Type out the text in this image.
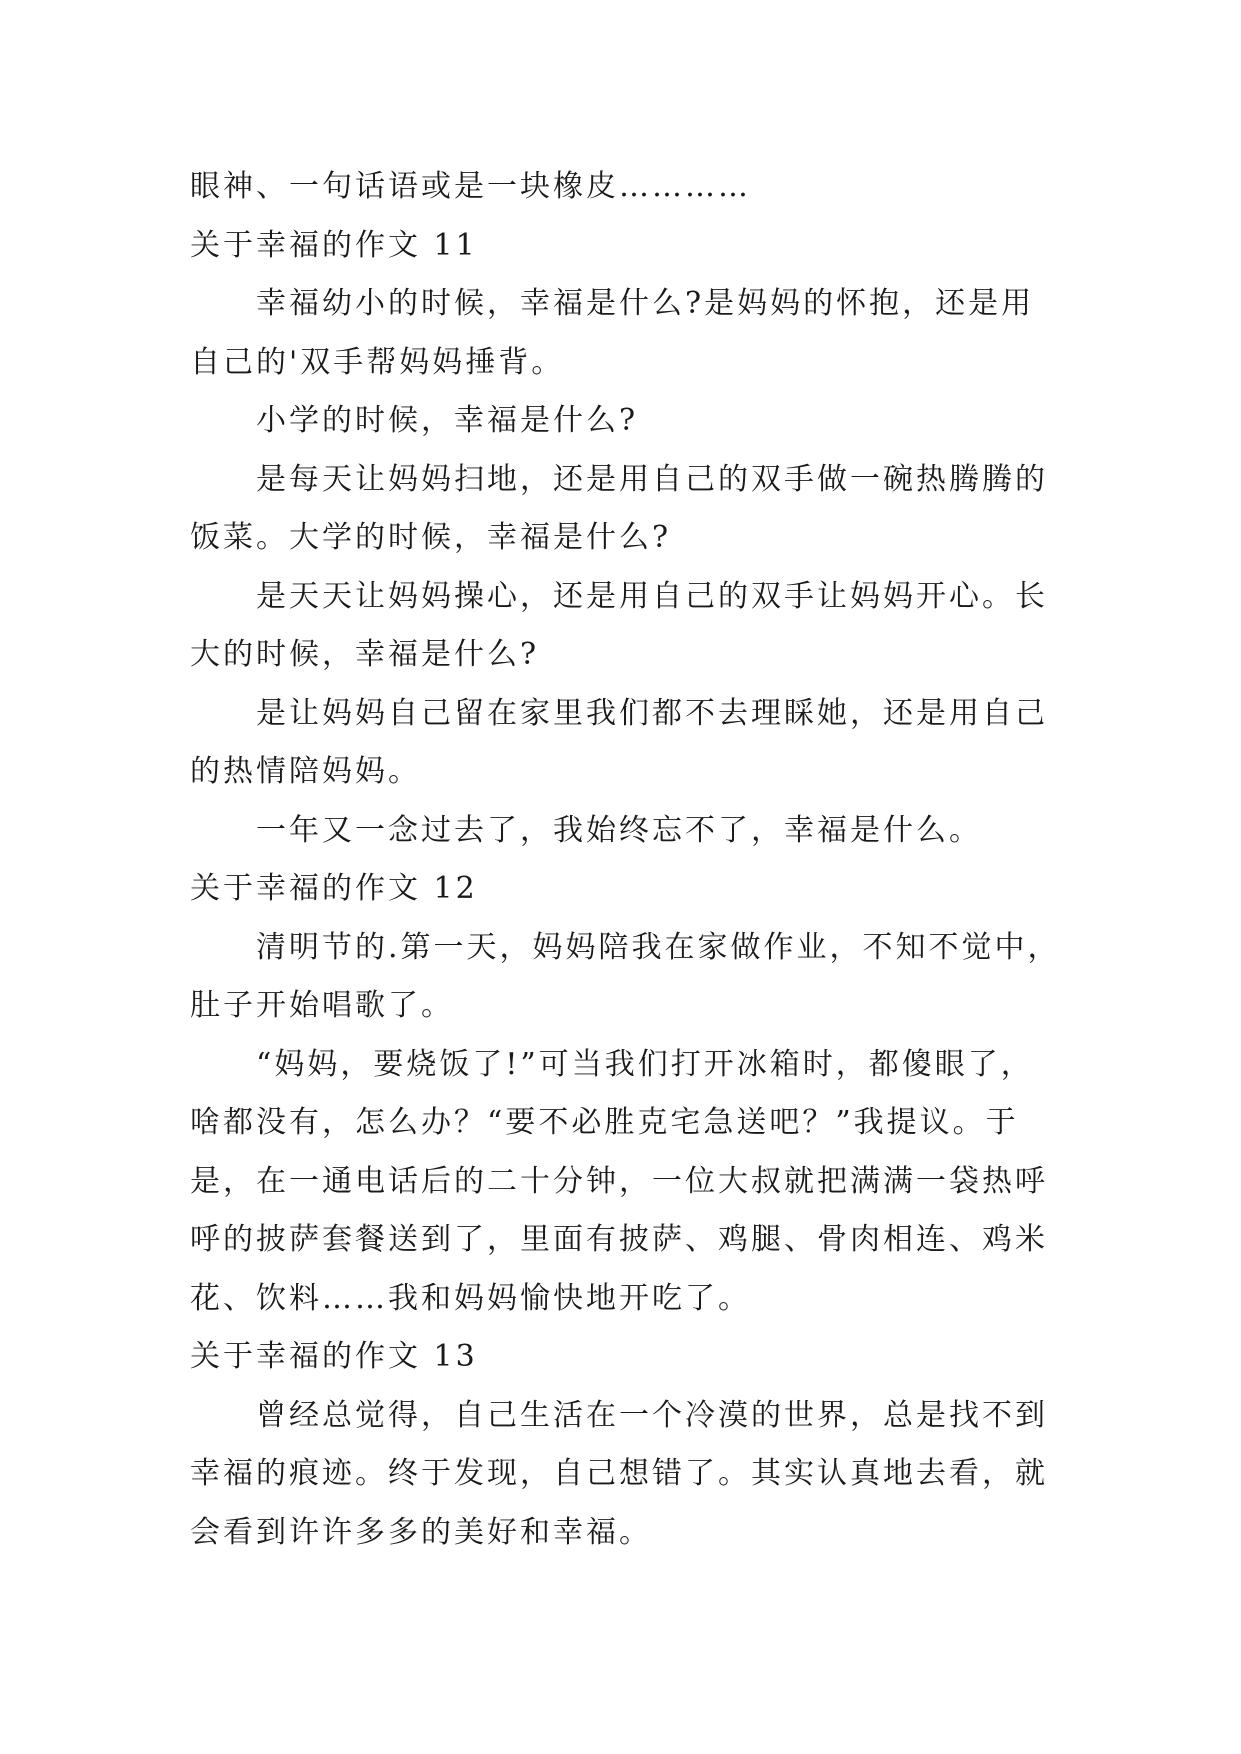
眼神、一句话语或是一块橡皮…………
关于幸福的作文 11
幸福幼小的时候，幸福是什么?是妈妈的怀抱，还是用
自己的'双手帮妈妈捶背。
小学的时候，幸福是什么?
是每天让妈妈扫地，还是用自己的双手做一碗热腾腾的
饭菜。大学的时候，幸福是什么?
是天天让妈妈操心，还是用自己的双手让妈妈开心。长
大的时候，幸福是什么?
是让妈妈自己留在家里我们都不去理睬她，还是用自己
的热情陪妈妈。
一年又一念过去了，我始终忘不了，幸福是什么。
关于幸福的作文 12
清明节的.第一天，妈妈陪我在家做作业，不知不觉中，
肚子开始唱歌了。
“妈妈，要烧饭了!”可当我们打开冰箱时，都傻眼了，
啥都没有，怎么办？“要不必胜克宅急送吧？”我提议。于
是，在一通电话后的二十分钟，一位大叔就把满满一袋热呼
呼的披萨套餐送到了，里面有披萨、鸡腿、骨肉相连、鸡米
花、饮料……我和妈妈愉快地开吃了。
关于幸福的作文 13
曾经总觉得，自己生活在一个冷漠的世界，总是找不到
幸福的痕迹。终于发现，自己想错了。其实认真地去看，就
会看到许许多多的美好和幸福。
